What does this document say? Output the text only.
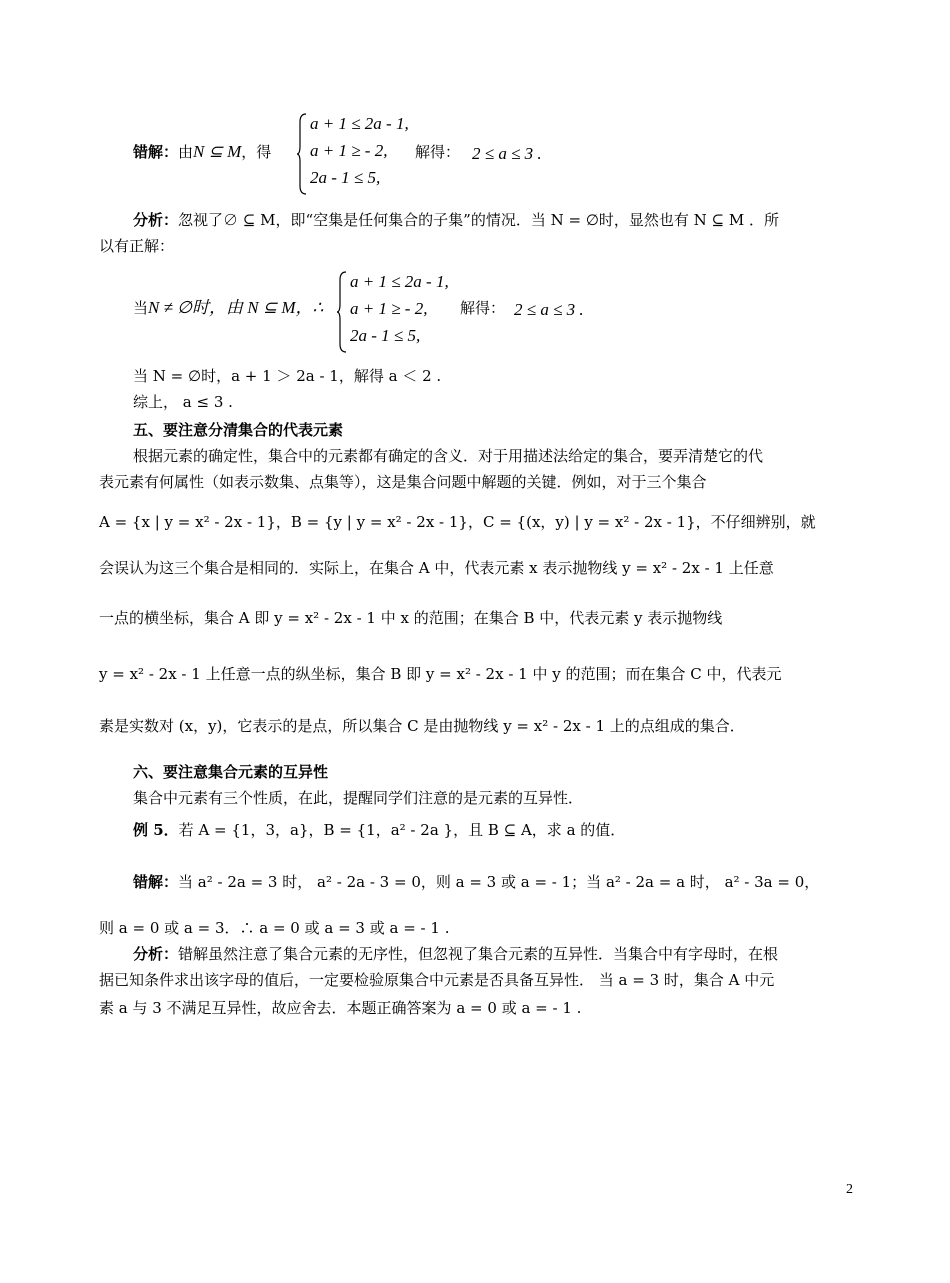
错解：由N ⊆ M，得
a + 1 ≤ 2a - 1,
a + 1 ≥ - 2,
2a - 1 ≤ 5,
解得： 2 ≤ a ≤ 3 .
分析：忽视了∅ ⊆ M，即“空集是任何集合的子集”的情况．当 N = ∅时，显然也有 N ⊆ M ．所
以有正解：
当N ≠ ∅时，由 N ⊆ M，∴
a + 1 ≤ 2a - 1,
a + 1 ≥ - 2,
2a - 1 ≤ 5,
解得： 2 ≤ a ≤ 3 .
当 N = ∅时，a + 1 ＞ 2a - 1，解得 a ＜ 2 .
综上， a ≤ 3 .
五、要注意分清集合的代表元素
根据元素的确定性，集合中的元素都有确定的含义．对于用描述法给定的集合，要弄清楚它的代
表元素有何属性（如表示数集、点集等），这是集合问题中解题的关键．例如，对于三个集合
A = {x | y = x² - 2x - 1}，B = {y | y = x² - 2x - 1}，C = {(x，y) | y = x² - 2x - 1}，不仔细辨别，就
会误认为这三个集合是相同的．实际上，在集合 A 中，代表元素 x 表示抛物线 y = x² - 2x - 1 上任意
一点的横坐标，集合 A 即 y = x² - 2x - 1 中 x 的范围；在集合 B 中，代表元素 y 表示抛物线
y = x² - 2x - 1 上任意一点的纵坐标，集合 B 即 y = x² - 2x - 1 中 y 的范围；而在集合 C 中，代表元
素是实数对 (x，y)，它表示的是点，所以集合 C 是由抛物线 y = x² - 2x - 1 上的点组成的集合．
六、要注意集合元素的互异性
集合中元素有三个性质，在此，提醒同学们注意的是元素的互异性．
例 5．若 A = {1，3，a}，B = {1，a² - 2a }，且 B ⊆ A，求 a 的值．
错解：当 a² - 2a = 3 时， a² - 2a - 3 = 0，则 a = 3 或 a = - 1；当 a² - 2a = a 时， a² - 3a = 0，
则 a = 0 或 a = 3．∴ a = 0 或 a = 3 或 a = - 1 .
分析：错解虽然注意了集合元素的无序性，但忽视了集合元素的互异性．当集合中有字母时，在根
据已知条件求出该字母的值后，一定要检验原集合中元素是否具备互异性． 当 a = 3 时，集合 A 中元
素 a 与 3 不满足互异性，故应舍去．本题正确答案为 a = 0 或 a = - 1 .
2
